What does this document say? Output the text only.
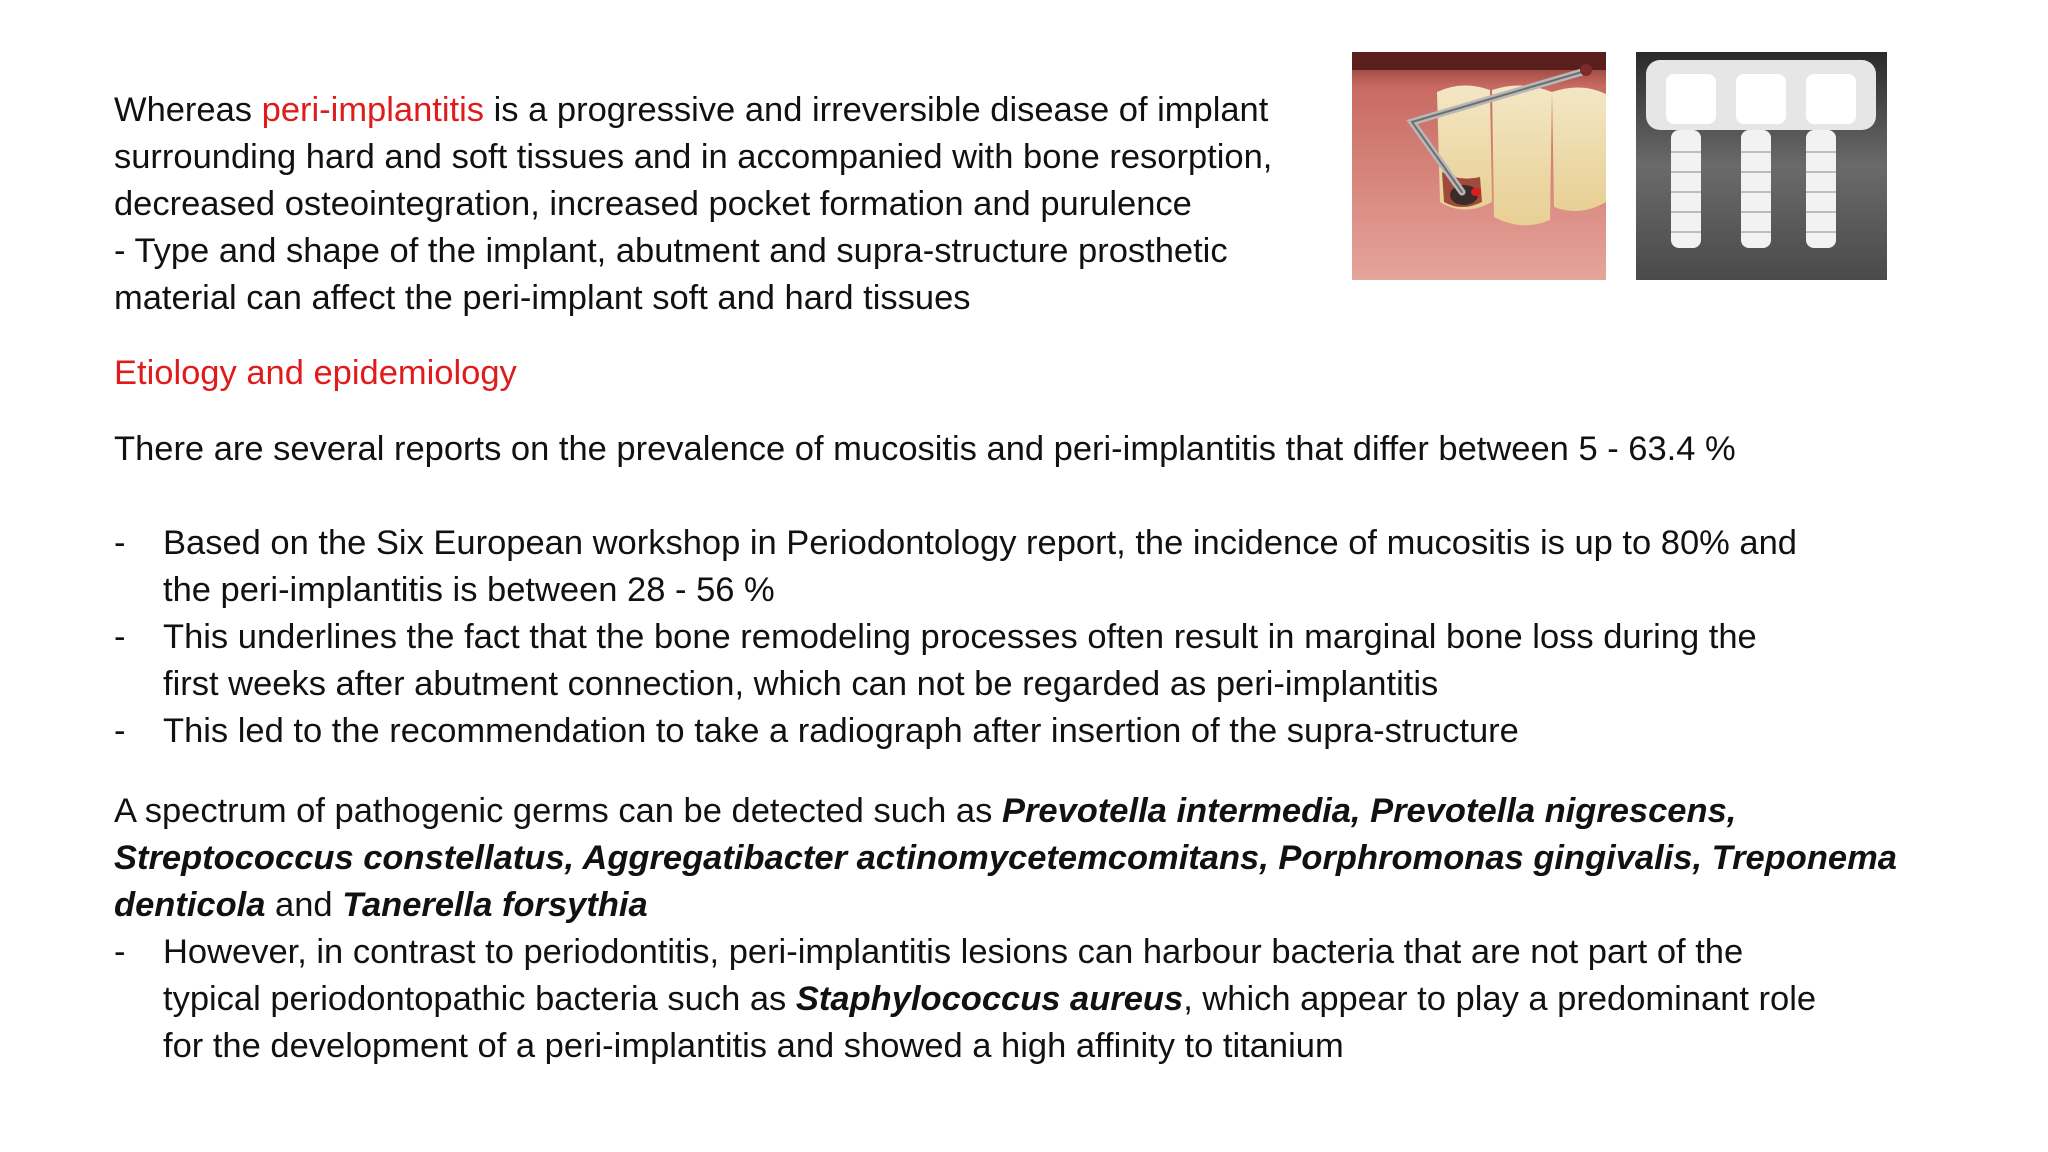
Whereas peri-implantitis is a progressive and irreversible disease of implant
surrounding hard and soft tissues and in accompanied with bone resorption,
decreased osteointegration, increased pocket formation and purulence
- Type and shape of the implant, abutment and supra-structure prosthetic
material can affect the peri-implant soft and hard tissues
Etiology and epidemiology
There are several reports on the prevalence of mucositis and peri-implantitis that differ between 5 - 63.4 %
- Based on the Six European workshop in Periodontology report, the incidence of mucositis is up to 80% and
the peri-implantitis is between 28 - 56 %
- This underlines the fact that the bone remodeling processes often result in marginal bone loss during the
first weeks after abutment connection, which can not be regarded as peri-implantitis
- This led to the recommendation to take a radiograph after insertion of the supra-structure
A spectrum of pathogenic germs can be detected such as Prevotella intermedia, Prevotella nigrescens,
Streptococcus constellatus, Aggregatibacter actinomycetemcomitans, Porphromonas gingivalis, Treponema
denticola and Tanerella forsythia
- However, in contrast to periodontitis, peri-implantitis lesions can harbour bacteria that are not part of the
typical periodontopathic bacteria such as Staphylococcus aureus, which appear to play a predominant role
for the development of a peri-implantitis and showed a high affinity to titanium
